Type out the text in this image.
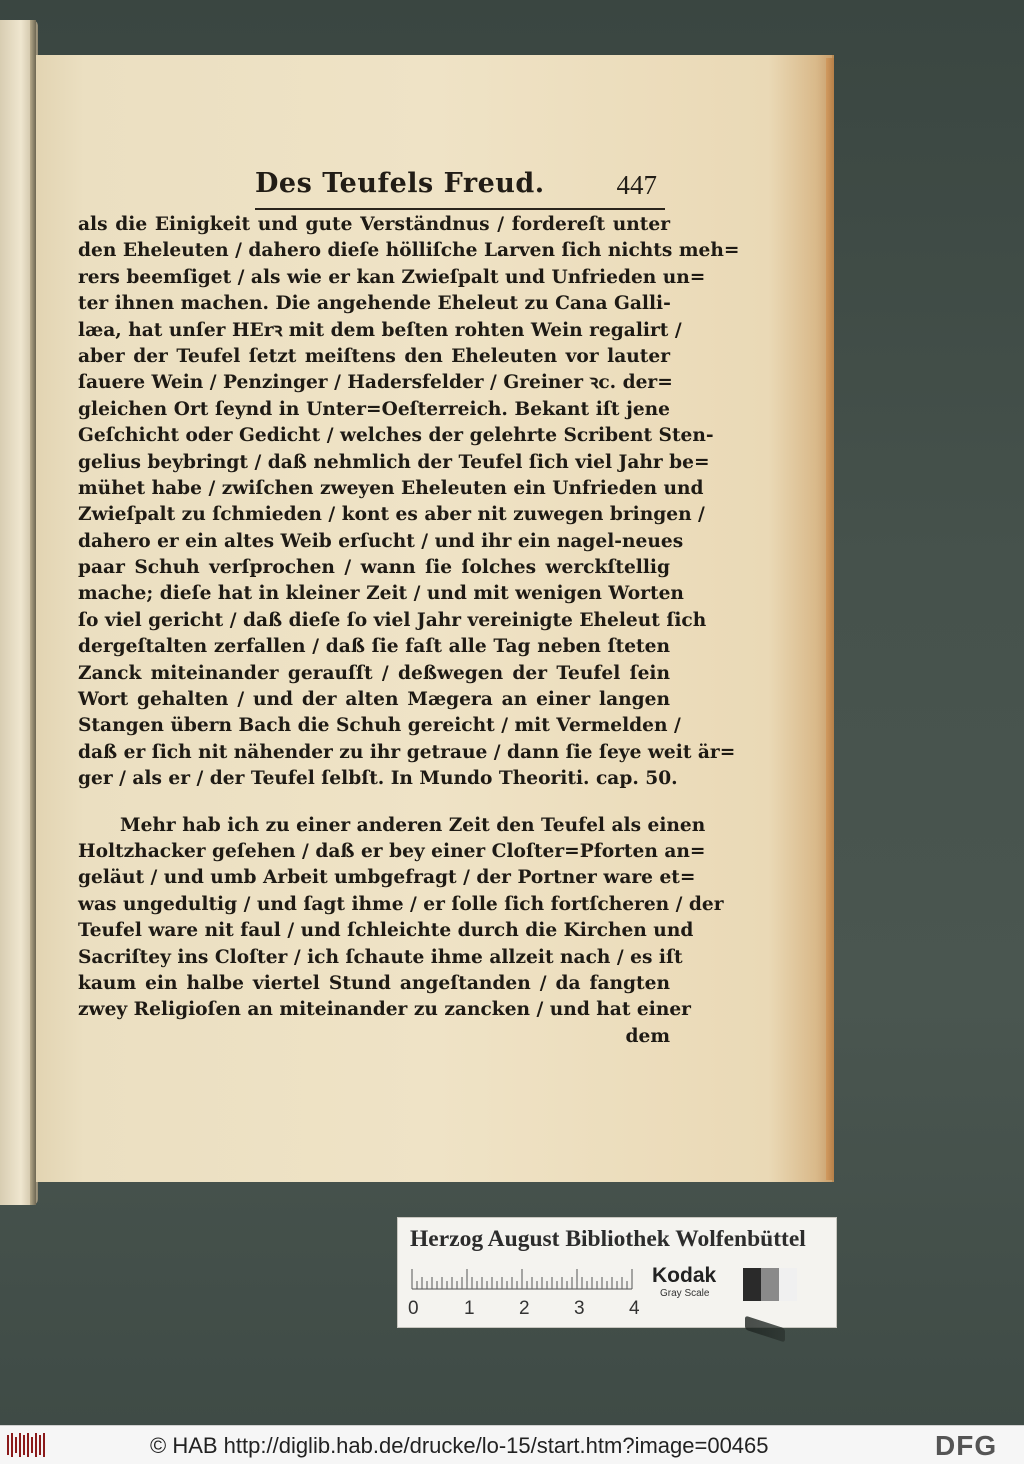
Des Teufels Freud.	447
als die Einigkeit und gute Verständnus / fordereſt unter
den Eheleuten / dahero dieſe hölliſche Larven ſich nichts meh=
rers beemſiget / als wie er kan Zwieſpalt und Unfrieden un=
ter ihnen machen. Die angehende Eheleut zu Cana Galli-
læa, hat unſer HErꝛ mit dem beſten rohten Wein regalirt /
aber der Teufel ſetzt meiſtens den Eheleuten vor lauter
ſauere Wein / Penzinger / Hadersfelder / Greiner ꝛc. der=
gleichen Ort ſeynd in Unter=Oeſterreich. Bekant iſt jene
Geſchicht oder Gedicht / welches der gelehrte Scribent Sten-
gelius beybringt / daß nehmlich der Teufel ſich viel Jahr be=
mühet habe / zwiſchen zweyen Eheleuten ein Unfrieden und
Zwieſpalt zu ſchmieden / kont es aber nit zuwegen bringen /
dahero er ein altes Weib erſucht / und ihr ein nagel-neues
paar Schuh verſprochen / wann ſie ſolches werckſtellig
mache; dieſe hat in kleiner Zeit / und mit wenigen Worten
ſo viel gericht / daß dieſe ſo viel Jahr vereinigte Eheleut ſich
dergeſtalten zerfallen / daß ſie faſt alle Tag neben ſteten
Zanck miteinander gerauſſt / deßwegen der Teufel ſein
Wort gehalten / und der alten Mægera an einer langen
Stangen übern Bach die Schuh gereicht / mit Vermelden /
daß er ſich nit nähender zu ihr getraue / dann ſie ſeye weit är=
ger / als er / der Teufel ſelbſt. In Mundo Theoriti. cap. 50.
Mehr hab ich zu einer anderen Zeit den Teufel als einen
Holtzhacker geſehen / daß er bey einer Cloſter=Pforten an=
geläut / und umb Arbeit umbgefragt / der Portner ware et=
was ungedultig / und ſagt ihme / er ſolle ſich fortſcheren / der
Teufel ware nit faul / und ſchleichte durch die Kirchen und
Sacriſtey ins Cloſter / ich ſchaute ihme allzeit nach / es iſt
kaum ein halbe viertel Stund angeſtanden / da fangten
zwey Religioſen an miteinander zu zancken / und hat einer
dem
Herzog August Bibliothek Wolfenbüttel
0 1 2 3 4
Kodak
Gray Scale
© HAB http://diglib.hab.de/drucke/lo-15/start.htm?image=00465	DFG
